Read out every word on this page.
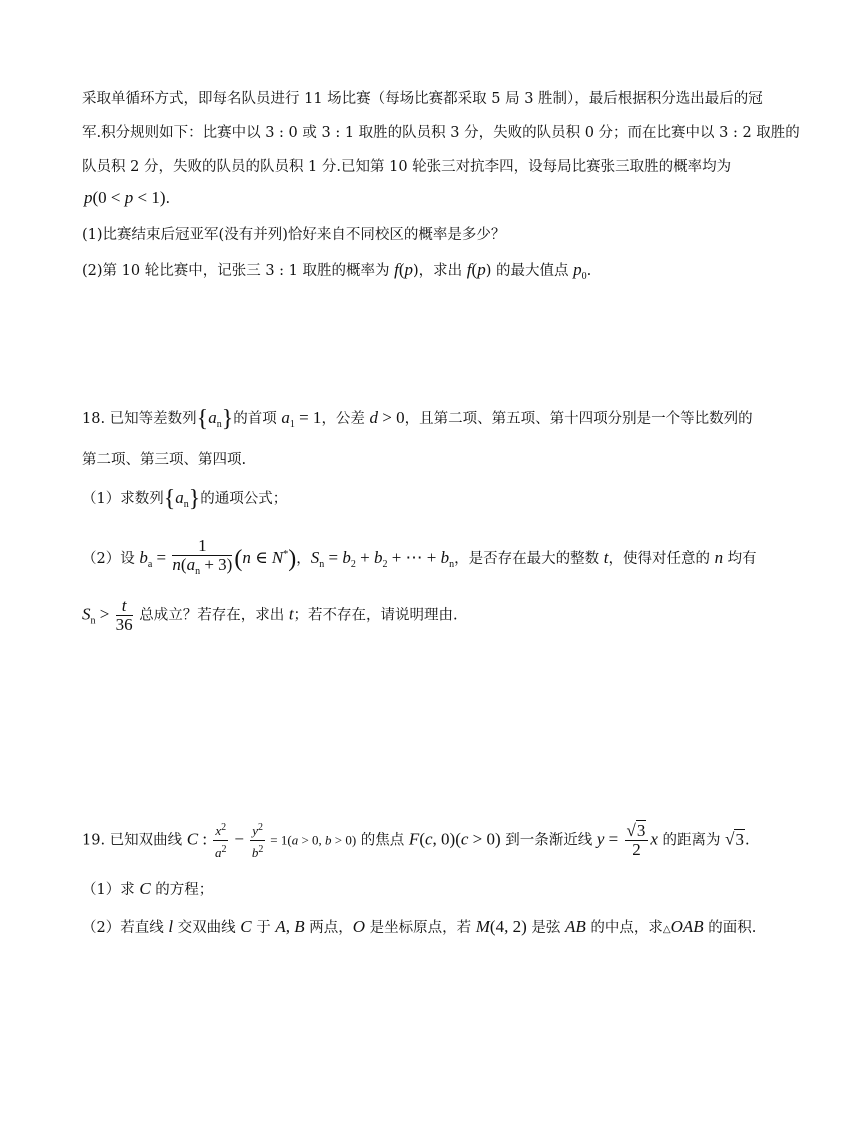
采取单循环方式，即每名队员进行 11 场比赛（每场比赛都采取 5 局 3 胜制），最后根据积分选出最后的冠
军.积分规则如下：比赛中以 3 : 0 或 3 : 1 取胜的队员积 3 分，失败的队员积 0 分；而在比赛中以 3 : 2 取胜的
队员积 2 分，失败的队员的队员积 1 分.已知第 10 轮张三对抗李四，设每局比赛张三取胜的概率均为
p(0 < p < 1).
(1)比赛结束后冠亚军(没有并列)恰好来自不同校区的概率是多少？
(2)第 10 轮比赛中，记张三 3 : 1 取胜的概率为 f(p)，求出 f(p) 的最大值点 $p_0$.
18. 已知等差数列$\{a_n\}$的首项 $a_1 = 1$，公差 d > 0，且第二项、第五项、第十四项分别是一个等比数列的
第二项、第三项、第四项.
（1）求数列$\{a_n\}$的通项公式；
（2）设 $b_a = \frac{1}{n(a_n + 3)} (n$ ∈ N*)，$S_n = b_2 + b_2$ + ⋯ + $b_n$，是否存在最大的整数 t，使得对任意的 n 均有
$S_n > \frac{t}{36}$ 总成立？若存在，求出 t；若不存在，请说明理由.
19. 已知双曲线 C : $\frac{x^2}{a^2} - \frac{y^2}{b^2} = 1(a > 0$, b > 0) 的焦点 F(c, 0)(c > 0) 到一条渐近线 $y = \frac{√3}{2}$ x 的距离为 √3.
（1）求 C 的方程；
（2）若直线 l 交双曲线 C 于 A, B 两点，O 是坐标原点，若 M(4, 2) 是弦 AB 的中点，求△OAB 的面积.
